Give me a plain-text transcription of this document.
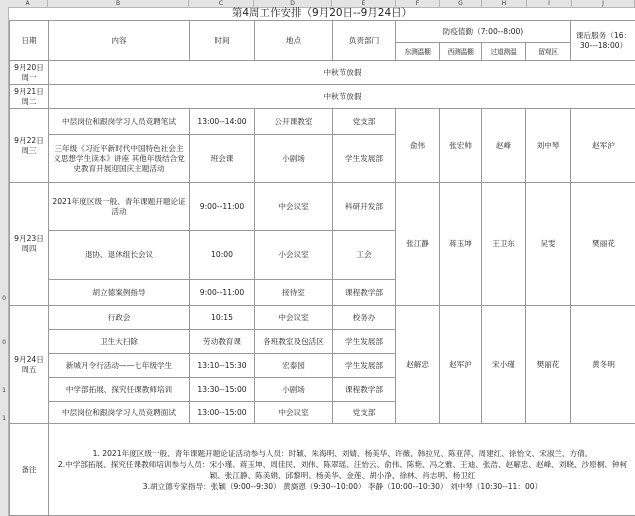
A	B	C	D	E	F	G	H	I	J
0
0
1
1
第4周工作安排（9月20日--9月24日）
日期	内容	时间	地点	负责部门	防疫值勤（7:00--8:00)				课后服务（16：30---18:00）
					东测温棚	西测温棚	过道测温	留观区	

9月20日
周一	中秋节放假								

9月21日
周二	中秋节放假								

9月22日
周三	中层岗位和跟岗学习人员竞聘笔试	13:00--14:00	公开课教室	党支部	俞伟	张宏帅	赵峰	刘中琴	赵军沪
	三年级《习近平新时代中国特色社会主义思想学生读本》讲座 其他年级结合党史教育开展迎国庆主题活动	班会课	小剧场	学生发展部					

9月23日
周四	2021年度区级一般、青年课题开题论证活动	9:00--11:00	中会议室	科研开发部	张江静	蒋玉坤	王卫东	吴雯	樊丽花
	退协、退休组长会议	10:00	小会议室	工会					
	胡立德案例指导	9:00--11:00	接待室	课程教学部					

9月24日
周五	行政会	10:15	中会议室	校务办	赵解忠	赵军沪	宋小瑾	樊丽花	黄冬明
	卫生大扫除	劳动教育课	各班教室及包活区	学生发展部					
	新城月令行活动——七年级学生	13:10--15:30	宏泰园	学生发展部					
	中学部拓展、探究任课教师培训	13:30--15:00	小剧场	课程教学部					
	中层岗位和跟岗学习人员竞聘面试	13:00--15:00	中会议室	党支部					
备注	1. 2021年度区级一般、青年课题开题论证活动参与人员：时颖、朱海明、刘婧、杨美华、许薇、韩拉兄、陈亚萍、周建红、徐怡文、宋淑兰、方倩。
2.中学部拓展、探究任课教师培训参与人员：宋小瑾、蒋玉坤、周佳民、刘伟、陈翠瑶、汪怡云、俞伟、陈艳、冯之雅、王迪、张浩、赵解忠、赵峰、刘晓、沙原桐、钟柯颖、张江静、陈美娟、邱黎明、杨美华、金莲、胡小净、徐林、肖志明、杨卫红
3.胡立德专家指导：张颖（9:00--9:30） 黄旖恩（9:30--10:00） 李静（10:00--10:30） 刘中琴（10:30--11：00）								
